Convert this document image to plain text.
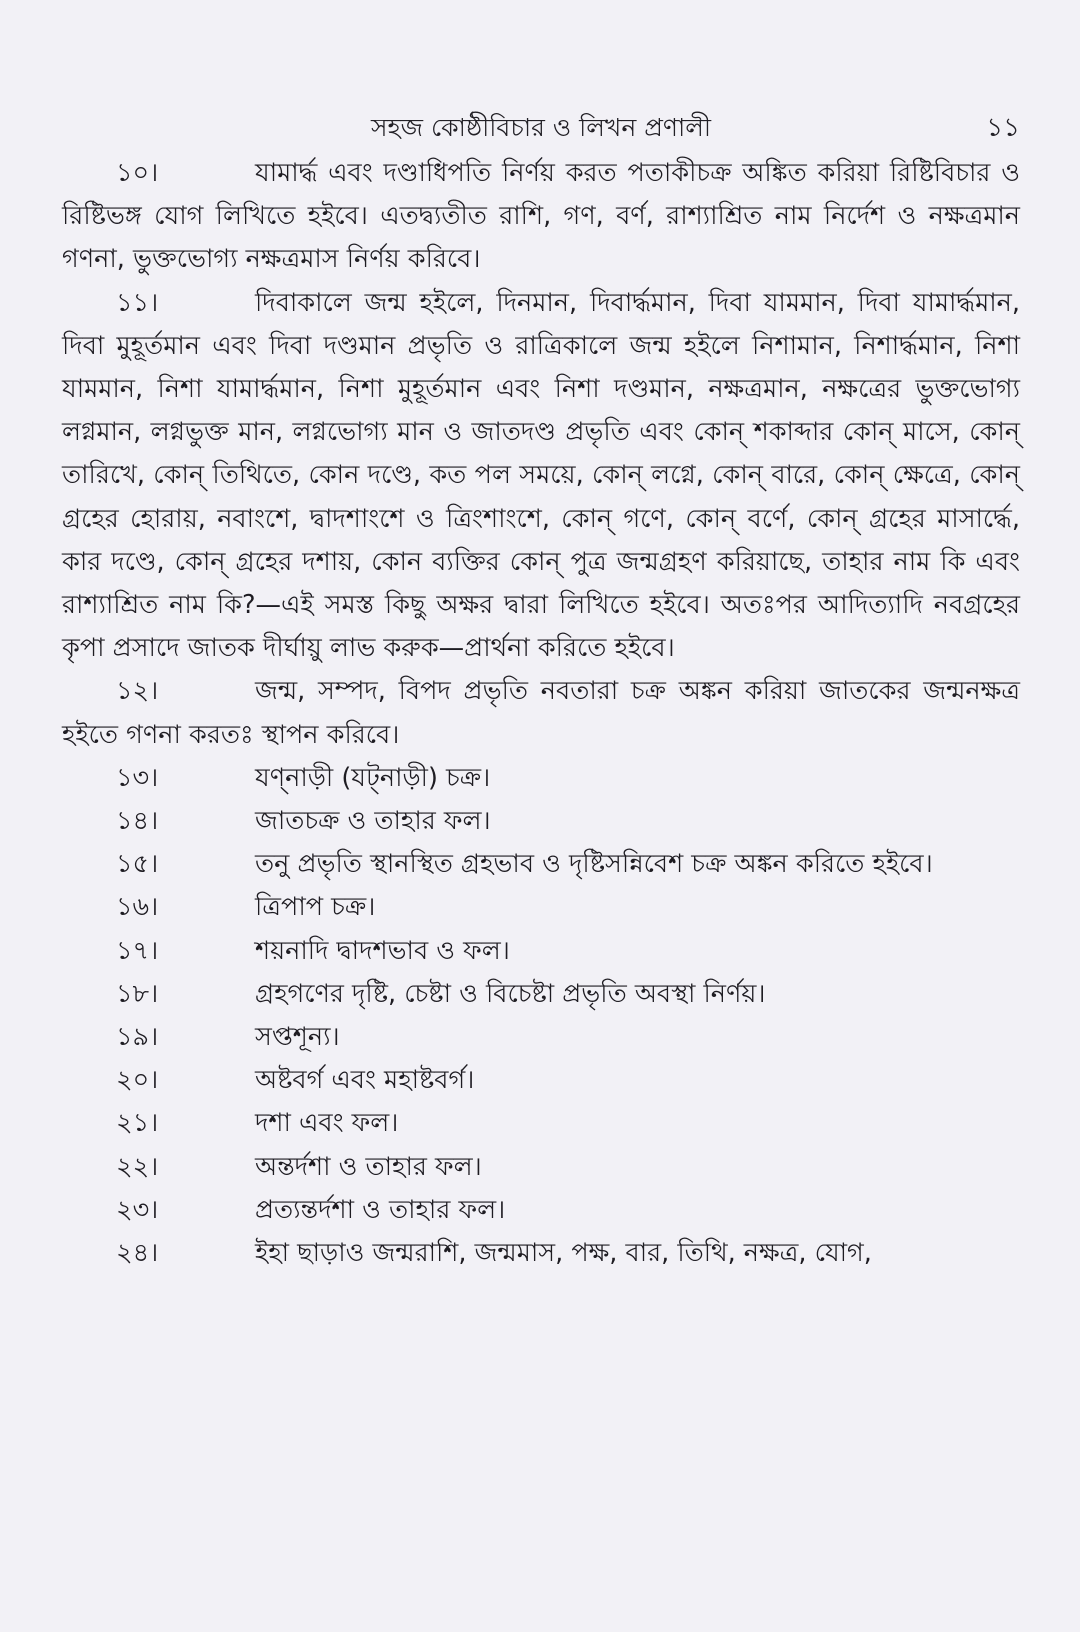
সহজ কোষ্ঠীবিচার ও লিখন প্রণালী	১১

১০।	যামার্দ্ধ এবং দণ্ডাধিপতি নির্ণয় করত পতাকীচক্র অঙ্কিত করিয়া রিষ্টিবিচার ও রিষ্টিভঙ্গ যোগ লিখিতে হইবে। এতদ্ব্যতীত রাশি, গণ, বর্ণ, রাশ্যাশ্রিত নাম নির্দেশ ও নক্ষত্রমান গণনা, ভুক্তভোগ্য নক্ষত্রমাস নির্ণয় করিবে।

১১।	দিবাকালে জন্ম হইলে, দিনমান, দিবার্দ্ধমান, দিবা যামমান, দিবা যামার্দ্ধমান, দিবা মুহূর্তমান এবং দিবা দণ্ডমান প্রভৃতি ও রাত্রিকালে জন্ম হইলে নিশামান, নিশার্দ্ধমান, নিশা যামমান, নিশা যামার্দ্ধমান, নিশা মুহূর্তমান এবং নিশা দণ্ডমান, নক্ষত্রমান, নক্ষত্রের ভুক্তভোগ্য লগ্নমান, লগ্নভুক্ত মান, লগ্নভোগ্য মান ও জাতদণ্ড প্রভৃতি এবং কোন্ শকাব্দার কোন্ মাসে, কোন্ তারিখে, কোন্ তিথিতে, কোন দণ্ডে, কত পল সময়ে, কোন্ লগ্নে, কোন্ বারে, কোন্ ক্ষেত্রে, কোন্ গ্রহের হোরায়, নবাংশে, দ্বাদশাংশে ও ত্রিংশাংশে, কোন্ গণে, কোন্ বর্ণে, কোন্ গ্রহের মাসার্দ্ধে, কার দণ্ডে, কোন্ গ্রহের দশায়, কোন ব্যক্তির কোন্ পুত্র জন্মগ্রহণ করিয়াছে, তাহার নাম কি এবং রাশ্যাশ্রিত নাম কি?—এই সমস্ত কিছু অক্ষর দ্বারা লিখিতে হইবে। অতঃপর আদিত্যাদি নবগ্রহের কৃপা প্রসাদে জাতক দীর্ঘায়ু লাভ করুক—প্রার্থনা করিতে হইবে।

১২।	জন্ম, সম্পদ, বিপদ প্রভৃতি নবতারা চক্র অঙ্কন করিয়া জাতকের জন্মনক্ষত্র হইতে গণনা করতঃ স্থাপন করিবে।

১৩।	যণ্নাড়ী (যট্নাড়ী) চক্র।

১৪।	জাতচক্র ও তাহার ফল।

১৫।	তনু প্রভৃতি স্থানস্থিত গ্রহভাব ও দৃষ্টিসন্নিবেশ চক্র অঙ্কন করিতে হইবে।

১৬।	ত্রিপাপ চক্র।

১৭।	শয়নাদি দ্বাদশভাব ও ফল।

১৮।	গ্রহগণের দৃষ্টি, চেষ্টা ও বিচেষ্টা প্রভৃতি অবস্থা নির্ণয়।

১৯।	সপ্তশূন্য।

২০।	অষ্টবর্গ এবং মহাষ্টবর্গ।

২১।	দশা এবং ফল।

২২।	অন্তর্দশা ও তাহার ফল।

২৩।	প্রত্যন্তর্দশা ও তাহার ফল।

২৪।	ইহা ছাড়াও জন্মরাশি, জন্মমাস, পক্ষ, বার, তিথি, নক্ষত্র, যোগ,
